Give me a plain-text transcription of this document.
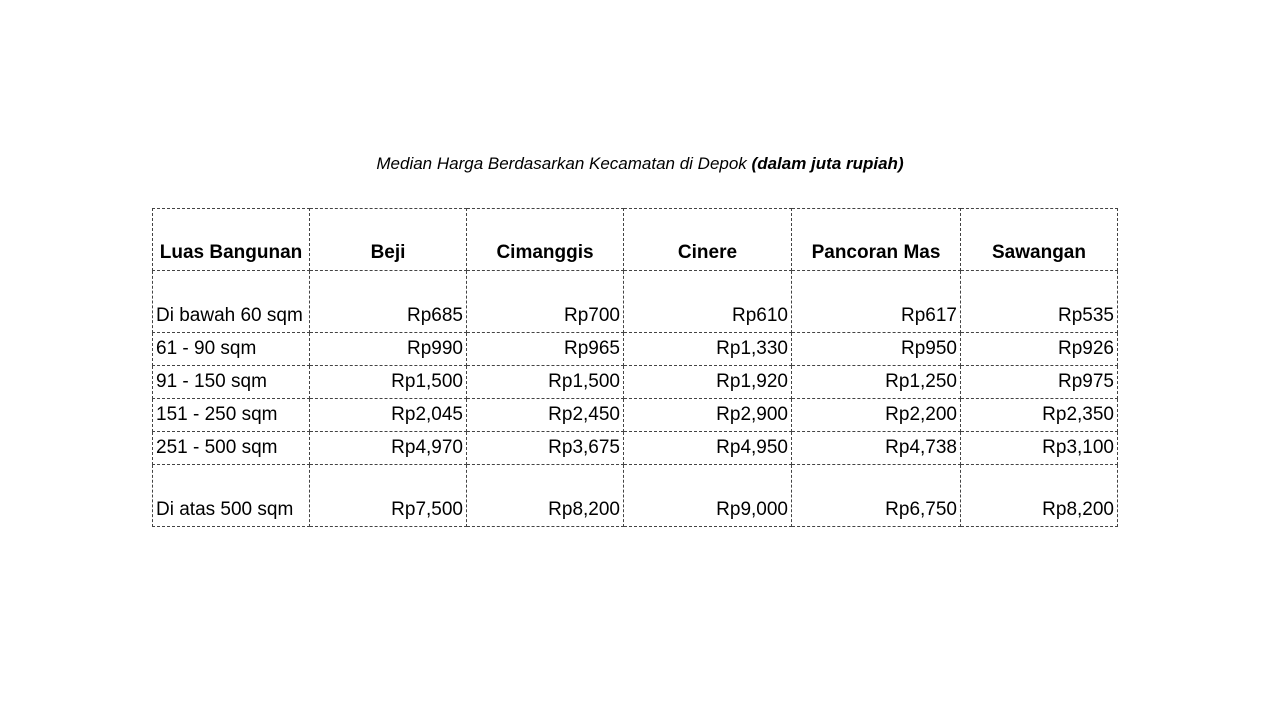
Median Harga Berdasarkan Kecamatan di Depok (dalam juta rupiah)
Luas Bangunan	Beji	Cimanggis	Cinere	Pancoran Mas	Sawangan
Di bawah 60 sqm	Rp685	Rp700	Rp610	Rp617	Rp535
61 - 90 sqm	Rp990	Rp965	Rp1,330	Rp950	Rp926
91 - 150 sqm	Rp1,500	Rp1,500	Rp1,920	Rp1,250	Rp975
151 - 250 sqm	Rp2,045	Rp2,450	Rp2,900	Rp2,200	Rp2,350
251 - 500 sqm	Rp4,970	Rp3,675	Rp4,950	Rp4,738	Rp3,100
Di atas 500 sqm	Rp7,500	Rp8,200	Rp9,000	Rp6,750	Rp8,200
